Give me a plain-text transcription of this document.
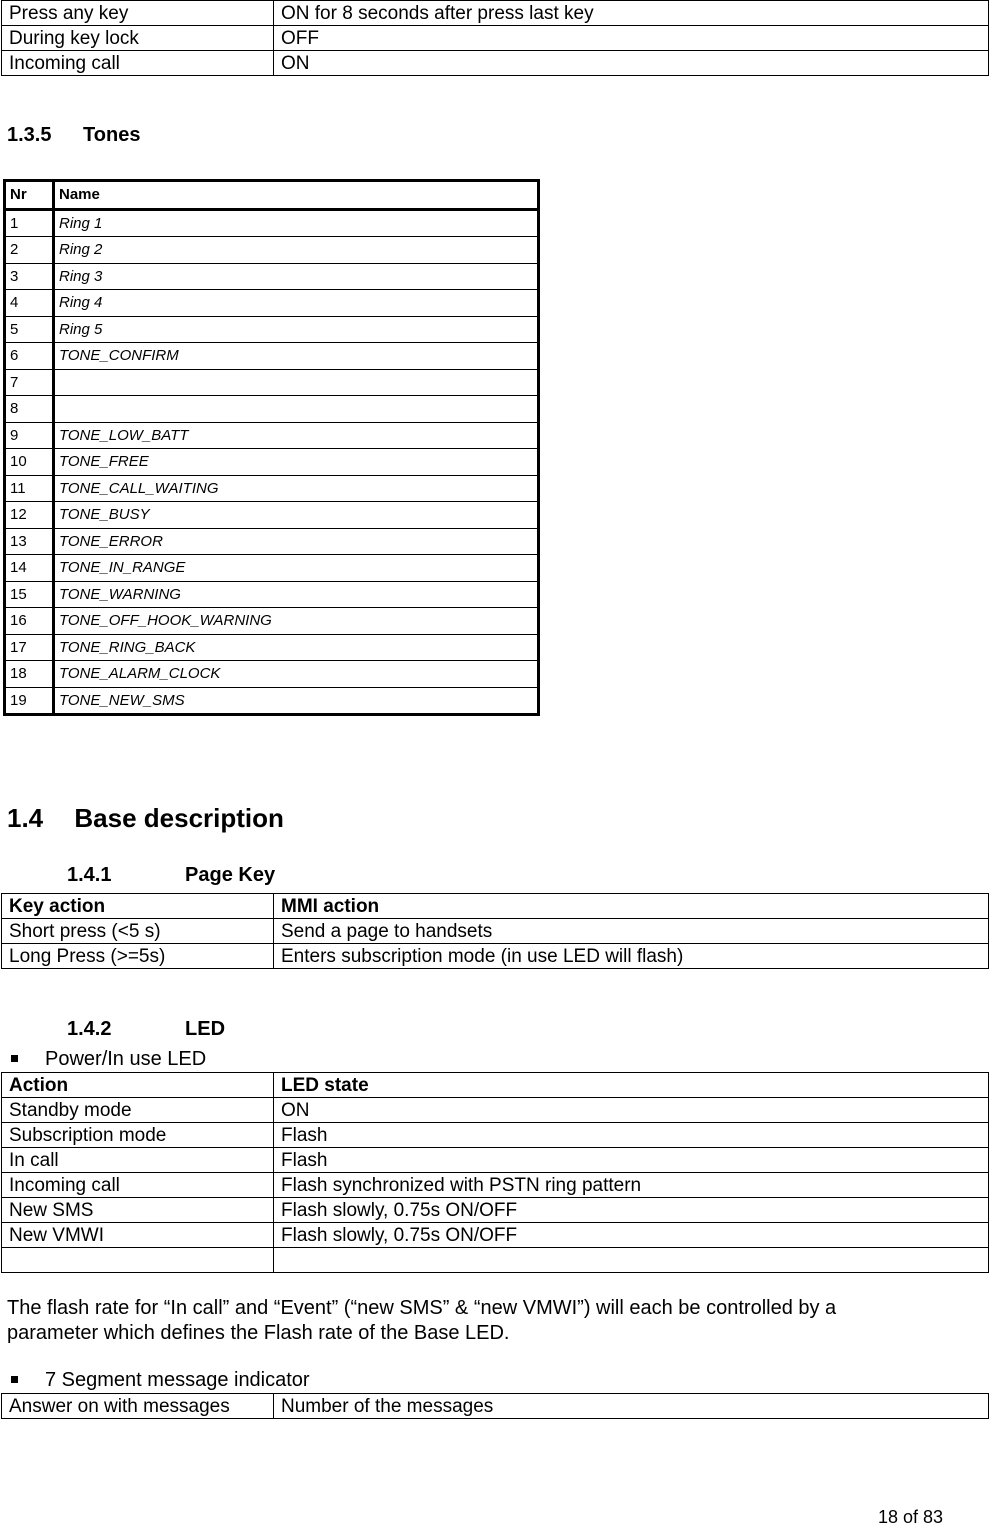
Press any key	ON for 8 seconds after press last key
During key lock	OFF
Incoming call	ON
1.3.5 Tones
Nr	Name
1	Ring 1
2	Ring 2
3	Ring 3
4	Ring 4
5	Ring 5
6	TONE_CONFIRM
7	
8	
9	TONE_LOW_BATT
10	TONE_FREE
11	TONE_CALL_WAITING
12	TONE_BUSY
13	TONE_ERROR
14	TONE_IN_RANGE
15	TONE_WARNING
16	TONE_OFF_HOOK_WARNING
17	TONE_RING_BACK
18	TONE_ALARM_CLOCK
19	TONE_NEW_SMS
1.4 Base description
1.4.1	Page Key
Key action	MMI action
Short press (<5 s)	Send a page to handsets
Long Press (>=5s)	Enters subscription mode (in use LED will flash)
1.4.2	LED
Power/In use LED
Action	LED state
Standby mode	ON
Subscription mode	Flash
In call	Flash
Incoming call	Flash synchronized with PSTN ring pattern
New SMS	Flash slowly, 0.75s ON/OFF
New VMWI	Flash slowly, 0.75s ON/OFF

The flash rate for “In call” and “Event” (“new SMS” & “new VMWI”) will each be controlled by a
parameter which defines the Flash rate of the Base LED.
7 Segment message indicator
Answer on with messages	Number of the messages
18 of 83
